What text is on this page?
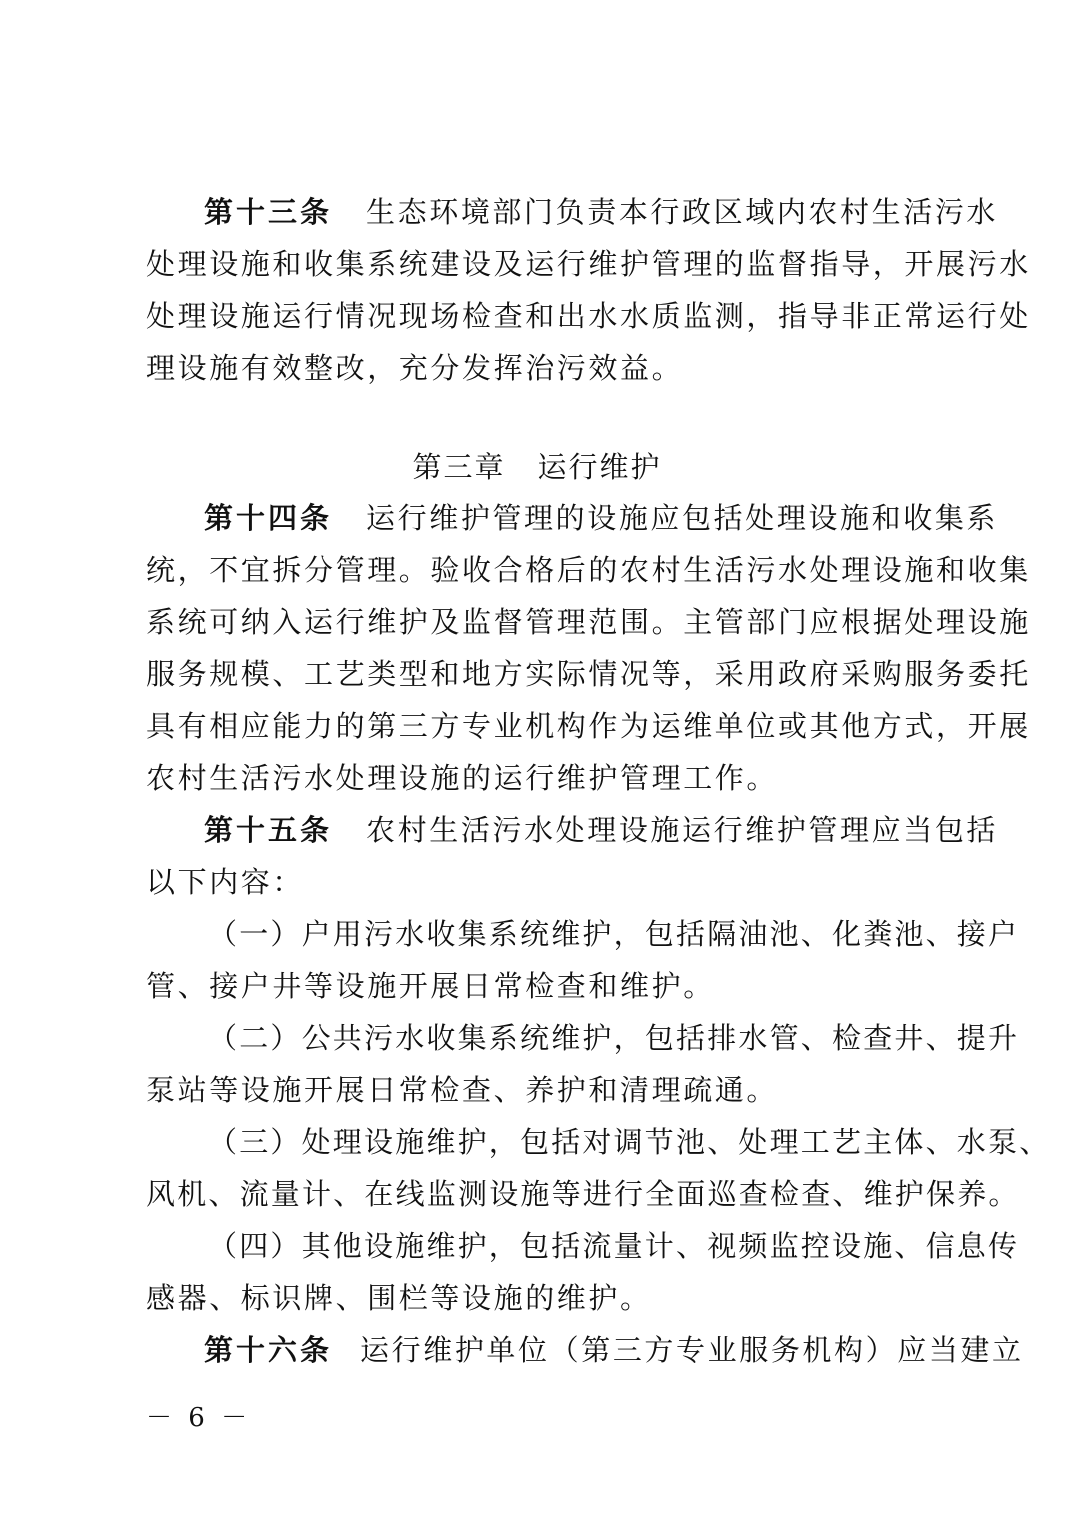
第十三条 生态环境部门负责本行政区域内农村生活污水
处理设施和收集系统建设及运行维护管理的监督指导，开展污水
处理设施运行情况现场检查和出水水质监测，指导非正常运行处
理设施有效整改，充分发挥治污效益。
第三章 运行维护
第十四条 运行维护管理的设施应包括处理设施和收集系
统，不宜拆分管理。验收合格后的农村生活污水处理设施和收集
系统可纳入运行维护及监督管理范围。主管部门应根据处理设施
服务规模、工艺类型和地方实际情况等，采用政府采购服务委托
具有相应能力的第三方专业机构作为运维单位或其他方式，开展
农村生活污水处理设施的运行维护管理工作。
第十五条 农村生活污水处理设施运行维护管理应当包括
以下内容：
（一）户用污水收集系统维护，包括隔油池、化粪池、接户
管、接户井等设施开展日常检查和维护。
（二）公共污水收集系统维护，包括排水管、检查井、提升
泵站等设施开展日常检查、养护和清理疏通。
（三）处理设施维护，包括对调节池、处理工艺主体、水泵、
风机、流量计、在线监测设施等进行全面巡查检查、维护保养。
（四）其他设施维护，包括流量计、视频监控设施、信息传
感器、标识牌、围栏等设施的维护。
第十六条 运行维护单位（第三方专业服务机构）应当建立
－ 6 －
